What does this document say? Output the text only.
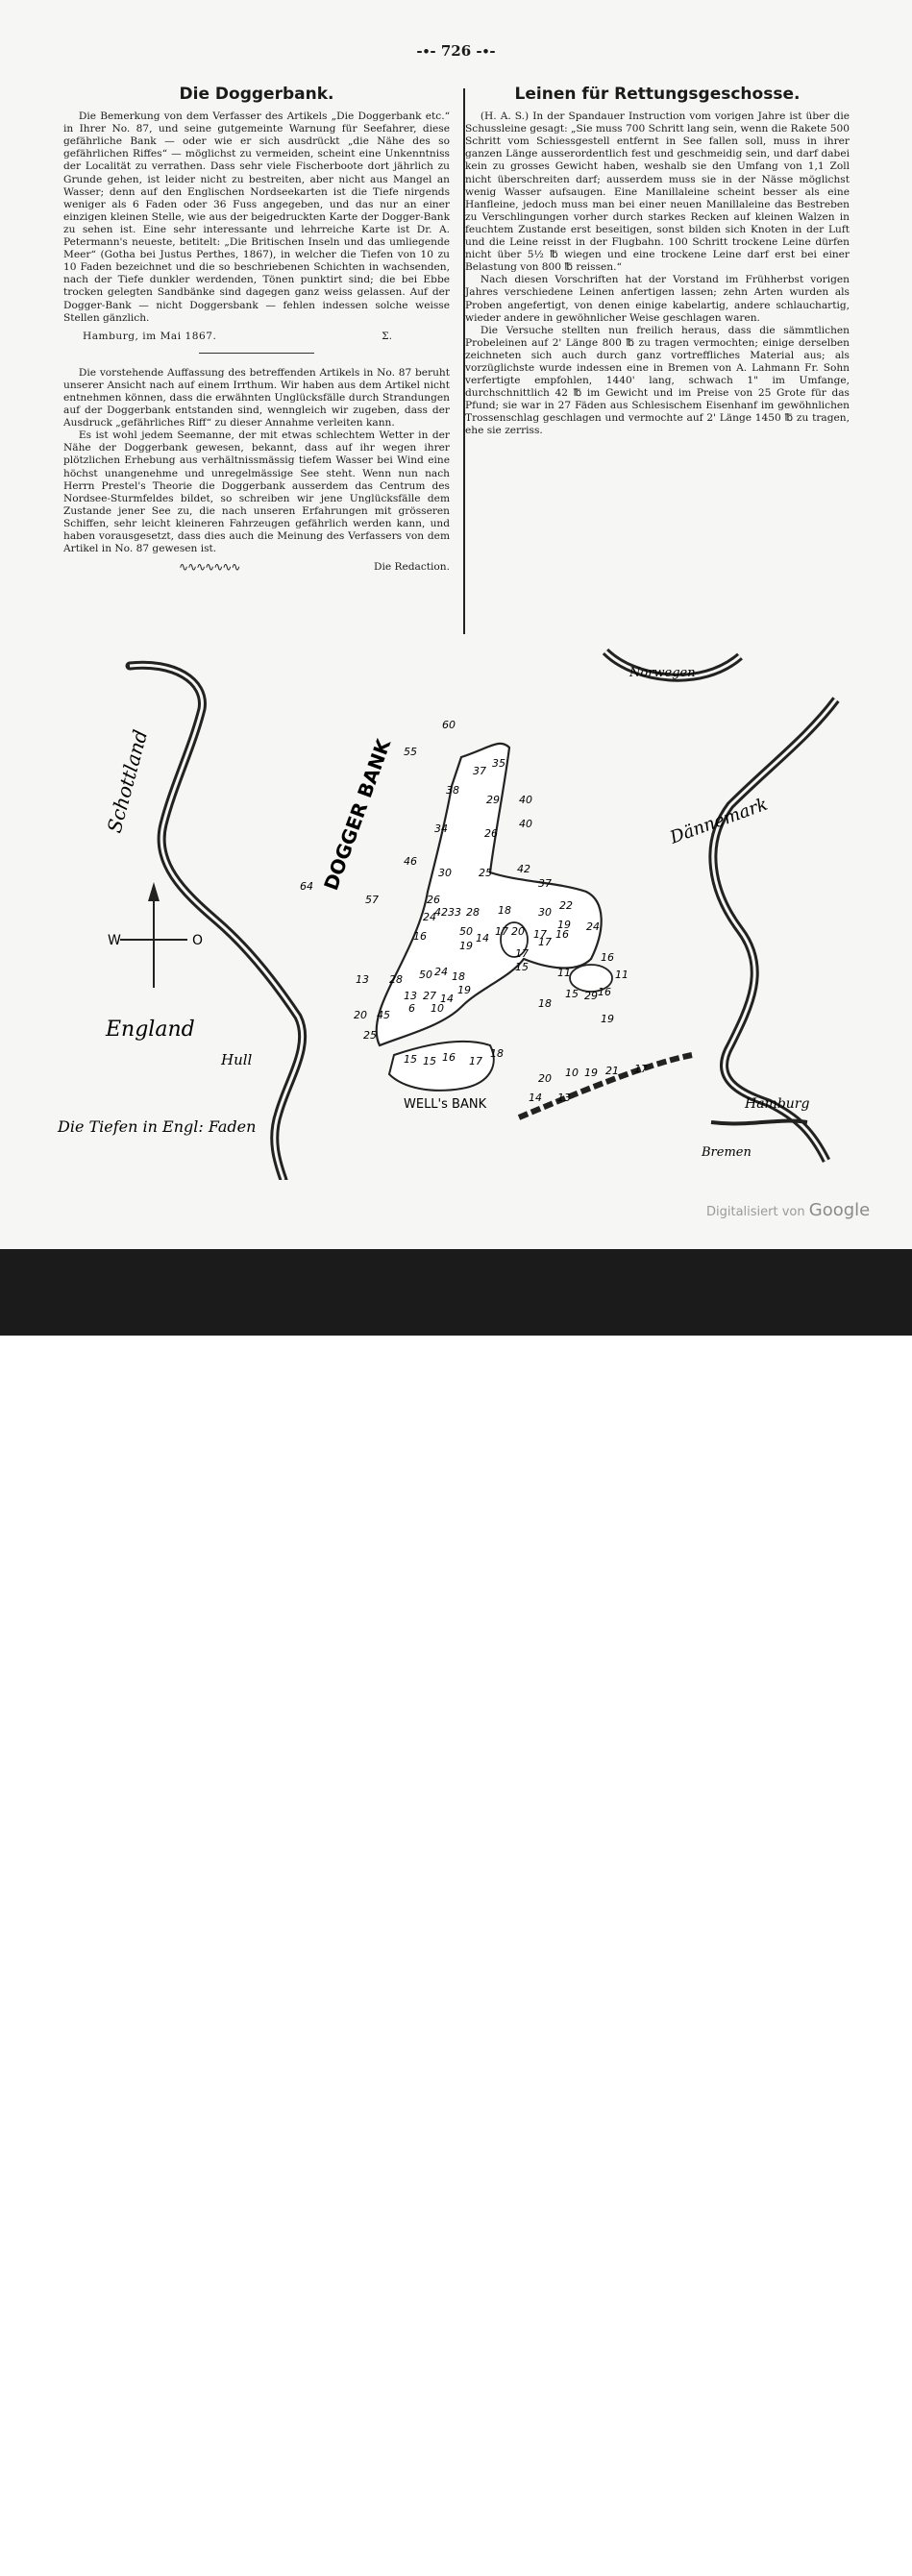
-∙- 726 -∙-
Die Doggerbank.

Die Bemerkung von dem Verfasser des Artikels „Die Doggerbank etc.“ in Ihrer No. 87, und seine gutgemeinte Warnung für Seefahrer, diese gefährliche Bank — oder wie er sich ausdrückt „die Nähe des so gefährlichen Riffes“ — möglichst zu vermeiden, scheint eine Unkenntniss der Localität zu verrathen. Dass sehr viele Fischerboote dort jährlich zu Grunde gehen, ist leider nicht zu bestreiten, aber nicht aus Mangel an Wasser; denn auf den Englischen Nordseekarten ist die Tiefe nirgends weniger als 6 Faden oder 36 Fuss angegeben, und das nur an einer einzigen kleinen Stelle, wie aus der beigedruckten Karte der Dogger-Bank zu sehen ist. Eine sehr interessante und lehrreiche Karte ist Dr. A. Petermann's neueste, betitelt: „Die Britischen Inseln und das umliegende Meer“ (Gotha bei Justus Perthes, 1867), in welcher die Tiefen von 10 zu 10 Faden bezeichnet und die so beschriebenen Schichten in wachsenden, nach der Tiefe dunkler werdenden, Tönen punktirt sind; die bei Ebbe trocken gelegten Sandbänke sind dagegen ganz weiss gelassen. Auf der Dogger-Bank — nicht Doggersbank — fehlen indessen solche weisse Stellen gänzlich.

Hamburg, im Mai 1867.	Σ.

Die vorstehende Auffassung des betreffenden Artikels in No. 87 beruht unserer Ansicht nach auf einem Irrthum. Wir haben aus dem Artikel nicht entnehmen können, dass die erwähnten Unglücksfälle durch Strandungen auf der Doggerbank entstanden sind, wenngleich wir zugeben, dass der Ausdruck „gefährliches Riff“ zu dieser Annahme verleiten kann.

Es ist wohl jedem Seemanne, der mit etwas schlechtem Wetter in der Nähe der Doggerbank gewesen, bekannt, dass auf ihr wegen ihrer plötzlichen Erhebung aus verhältnissmässig tiefem Wasser bei Wind eine höchst unangenehme und unregelmässige See steht. Wenn nun nach Herrn Prestel's Theorie die Doggerbank ausserdem das Centrum des Nordsee-Sturmfeldes bildet, so schreiben wir jene Unglücksfälle dem Zustande jener See zu, die nach unseren Erfahrungen mit grösseren Schiffen, sehr leicht kleineren Fahrzeugen gefährlich werden kann, und haben vorausgesetzt, dass dies auch die Meinung des Verfassers von dem Artikel in No. 87 gewesen ist.

∿∿∿∿∿∿∿	Die Redaction.
Leinen für Rettungsgeschosse.

(H. A. S.) In der Spandauer Instruction vom vorigen Jahre ist über die Schussleine gesagt: „Sie muss 700 Schritt lang sein, wenn die Rakete 500 Schritt vom Schiessgestell entfernt in See fallen soll, muss in ihrer ganzen Länge ausserordentlich fest und geschmeidig sein, und darf dabei kein zu grosses Gewicht haben, weshalb sie den Umfang von 1,1 Zoll nicht überschreiten darf; ausserdem muss sie in der Nässe möglichst wenig Wasser aufsaugen. Eine Manillaleine scheint besser als eine Hanfleine, jedoch muss man bei einer neuen Manillaleine das Bestreben zu Verschlingungen vorher durch starkes Recken auf kleinen Walzen in feuchtem Zustande erst beseitigen, sonst bilden sich Knoten in der Luft und die Leine reisst in der Flugbahn. 100 Schritt trockene Leine dürfen nicht über 5½ ℔ wiegen und eine trockene Leine darf erst bei einer Belastung von 800 ℔ reissen.“

Nach diesen Vorschriften hat der Vorstand im Frühherbst vorigen Jahres verschiedene Leinen anfertigen lassen; zehn Arten wurden als Proben angefertigt, von denen einige kabelartig, andere schlauchartig, wieder andere in gewöhnlicher Weise geschlagen waren.

Die Versuche stellten nun freilich heraus, dass die sämmtlichen Probeleinen auf 2' Länge 800 ℔ zu tragen vermochten; einige derselben zeichneten sich auch durch ganz vortreffliches Material aus; als vorzüglichste wurde indessen eine in Bremen von A. Lahmann Fr. Sohn verfertigte empfohlen, 1440' lang, schwach 1" im Umfange, durchschnittlich 42 ℔ im Gewicht und im Preise von 25 Grote für das Pfund; sie war in 27 Fäden aus Schlesischem Eisenhanf im gewöhnlichen Trossenschlag geschlagen und vermochte auf 2' Länge 1450 ℔ zu tragen, ehe sie zerriss.

W	O
Schottland
Norwegen
Dännemark
DOGGER BANK
England
Hull
WELL's BANK	Hamburg
Bremen
Die Tiefen in Engl: Faden
60
55
37
35
38
29 40
40
26
34
46
30	25 42
37
64
57	26
24
4233 28 18	30
22
19 24
16	50
19
14
17 20 17 16
17
17
15	11
13 28 50 24 18
16
13 27 14
19
18
15 29 16
11
20 45
6 10
19
25
15 15 16 17
18
20 10 19 21 17
13
14
Digitalisiert von Google
alamy	Image ID: J42EH2
www.alamy.com
